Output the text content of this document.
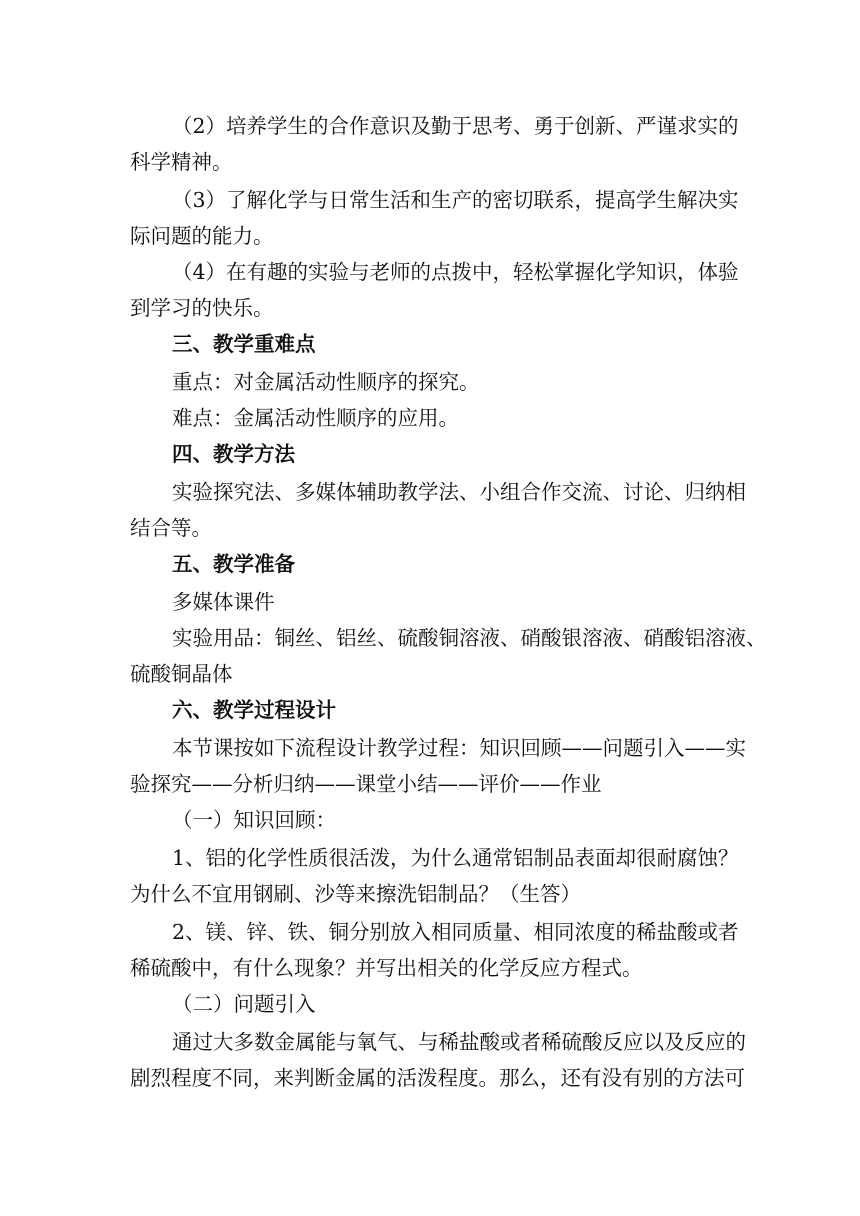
（2）培养学生的合作意识及勤于思考、勇于创新、严谨求实的
科学精神。
（3）了解化学与日常生活和生产的密切联系，提高学生解决实
际问题的能力。
（4）在有趣的实验与老师的点拨中，轻松掌握化学知识，体验
到学习的快乐。
三、教学重难点
重点：对金属活动性顺序的探究。
难点：金属活动性顺序的应用。
四、教学方法
实验探究法、多媒体辅助教学法、小组合作交流、讨论、归纳相
结合等。
五、教学准备
多媒体课件
实验用品：铜丝、铝丝、硫酸铜溶液、硝酸银溶液、硝酸铝溶液、
硫酸铜晶体
六、教学过程设计
本节课按如下流程设计教学过程：知识回顾——问题引入——实
验探究——分析归纳——课堂小结——评价——作业
（一）知识回顾：
1、铝的化学性质很活泼，为什么通常铝制品表面却很耐腐蚀？
为什么不宜用钢刷、沙等来擦洗铝制品？（生答）
2、镁、锌、铁、铜分别放入相同质量、相同浓度的稀盐酸或者
稀硫酸中，有什么现象？并写出相关的化学反应方程式。
（二）问题引入
通过大多数金属能与氧气、与稀盐酸或者稀硫酸反应以及反应的
剧烈程度不同，来判断金属的活泼程度。那么，还有没有别的方法可
